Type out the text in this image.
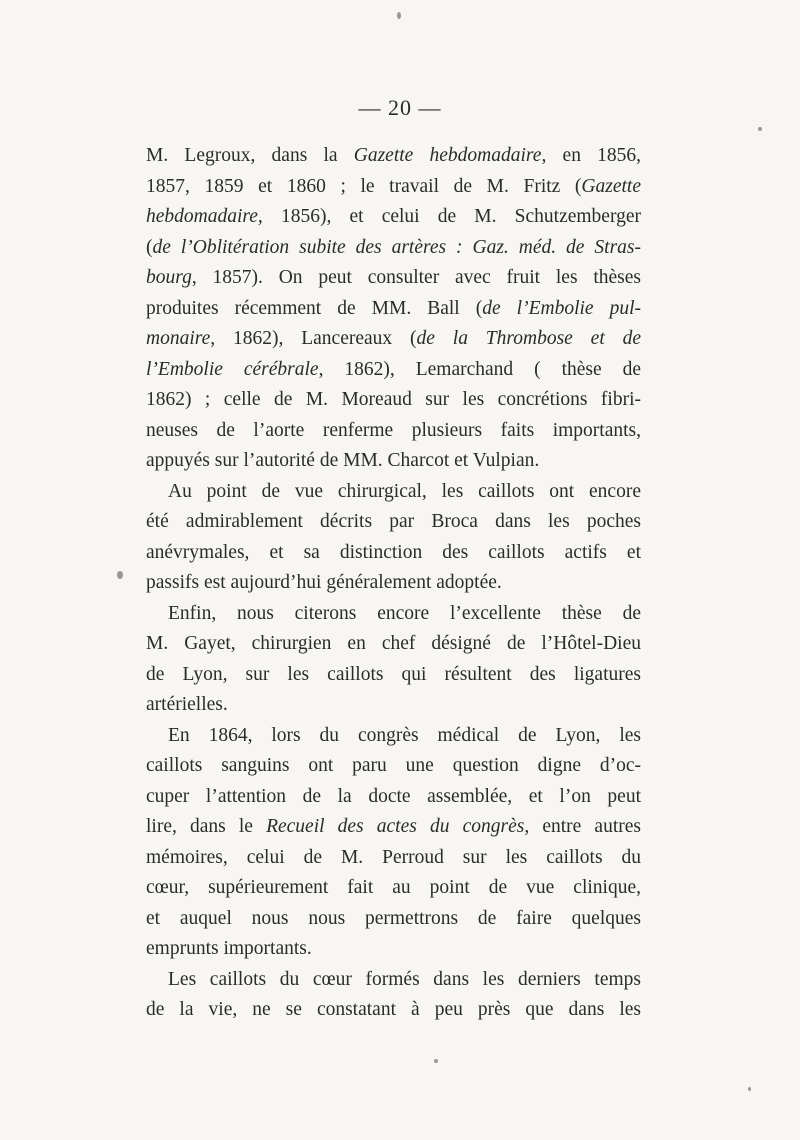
— 20 —
M. Legroux, dans la Gazette hebdomadaire, en 1856,
1857, 1859 et 1860 ; le travail de M. Fritz (Gazette
hebdomadaire, 1856), et celui de M. Schutzemberger
(de l’Oblitération subite des artères : Gaz. méd. de Stras-
bourg, 1857). On peut consulter avec fruit les thèses
produites récemment de MM. Ball (de l’Embolie pul-
monaire, 1862), Lancereaux (de la Thrombose et de
l’Embolie cérébrale, 1862), Lemarchand ( thèse de
1862) ; celle de M. Moreaud sur les concrétions fibri-
neuses de l’aorte renferme plusieurs faits importants,
appuyés sur l’autorité de MM. Charcot et Vulpian.
Au point de vue chirurgical, les caillots ont encore
été admirablement décrits par Broca dans les poches
anévrymales, et sa distinction des caillots actifs et
passifs est aujourd’hui généralement adoptée.
Enfin, nous citerons encore l’excellente thèse de
M. Gayet, chirurgien en chef désigné de l’Hôtel-Dieu
de Lyon, sur les caillots qui résultent des ligatures
artérielles.
En 1864, lors du congrès médical de Lyon, les
caillots sanguins ont paru une question digne d’oc-
cuper l’attention de la docte assemblée, et l’on peut
lire, dans le Recueil des actes du congrès, entre autres
mémoires, celui de M. Perroud sur les caillots du
cœur, supérieurement fait au point de vue clinique,
et auquel nous nous permettrons de faire quelques
emprunts importants.
Les caillots du cœur formés dans les derniers temps
de la vie, ne se constatant à peu près que dans les
